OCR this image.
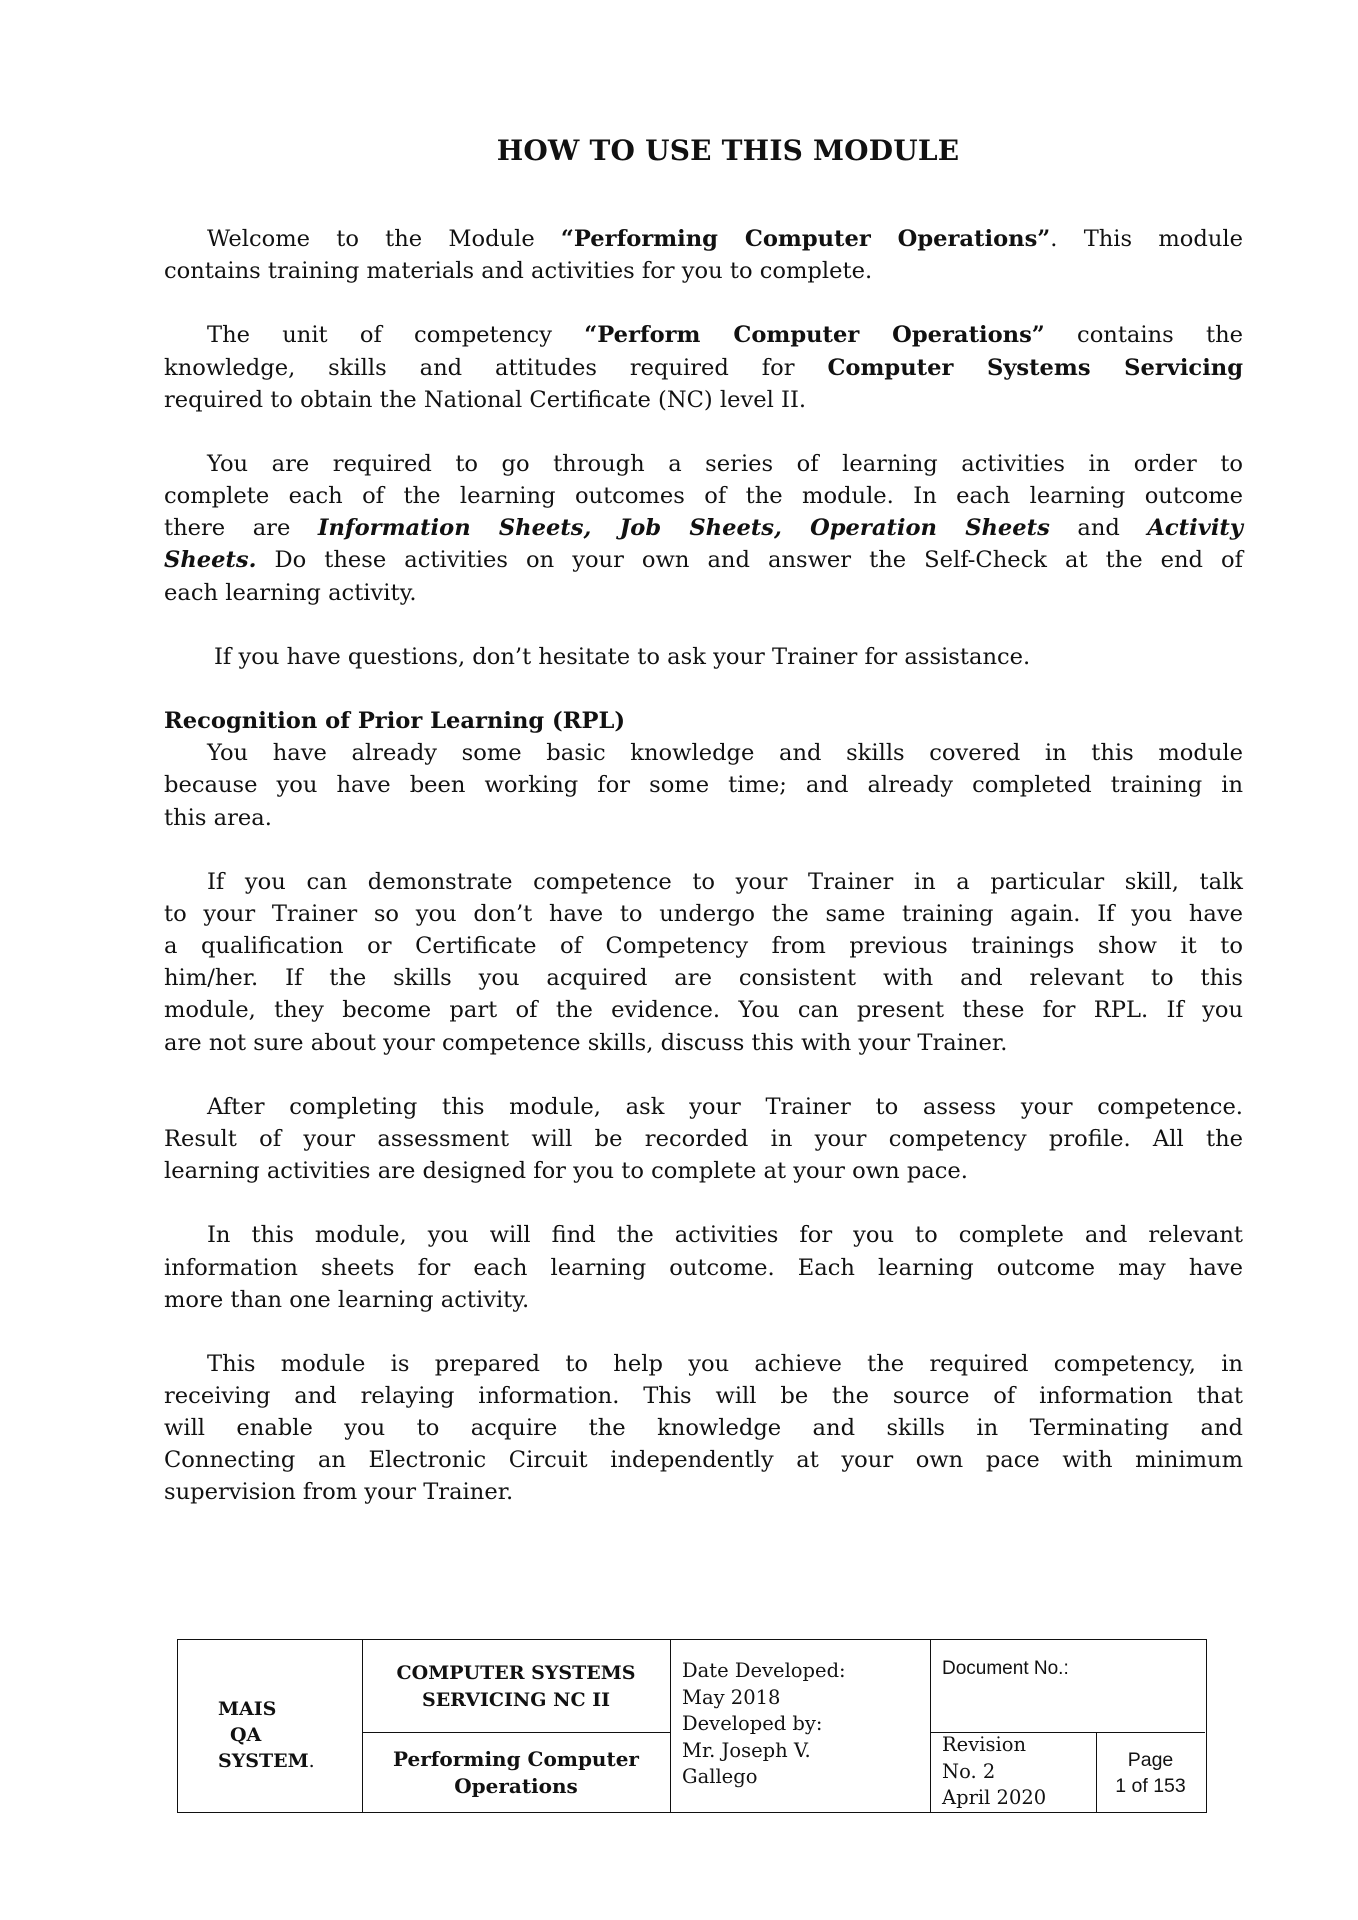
HOW TO USE THIS MODULE
Welcome to the Module “Performing Computer Operations”. This module
contains training materials and activities for you to complete.
The unit of competency “Perform Computer Operations” contains the
knowledge, skills and attitudes required for Computer Systems Servicing
required to obtain the National Certificate (NC) level II.
You are required to go through a series of learning activities in order to
complete each of the learning outcomes of the module. In each learning outcome
there are Information Sheets, Job Sheets, Operation Sheets and Activity
Sheets. Do these activities on your own and answer the Self-Check at the end of
each learning activity.
If you have questions, don’t hesitate to ask your Trainer for assistance.
Recognition of Prior Learning (RPL)
You have already some basic knowledge and skills covered in this module
because you have been working for some time; and already completed training in
this area.
If you can demonstrate competence to your Trainer in a particular skill, talk
to your Trainer so you don’t have to undergo the same training again. If you have
a qualification or Certificate of Competency from previous trainings show it to
him/her. If the skills you acquired are consistent with and relevant to this
module, they become part of the evidence. You can present these for RPL. If you
are not sure about your competence skills, discuss this with your Trainer.
After completing this module, ask your Trainer to assess your competence.
Result of your assessment will be recorded in your competency profile. All the
learning activities are designed for you to complete at your own pace.
In this module, you will find the activities for you to complete and relevant
information sheets for each learning outcome. Each learning outcome may have
more than one learning activity.
This module is prepared to help you achieve the required competency, in
receiving and relaying information. This will be the source of information that
will enable you to acquire the knowledge and skills in Terminating and
Connecting an Electronic Circuit independently at your own pace with minimum
supervision from your Trainer.
MAIS
QA
SYSTEM.
COMPUTER SYSTEMS
SERVICING NC II
Performing Computer
Operations
Date Developed:
May 2018
Developed by:
Mr. Joseph V.
Gallego
Document No.:
Revision
No. 2
April 2020
Page
1 of 153
